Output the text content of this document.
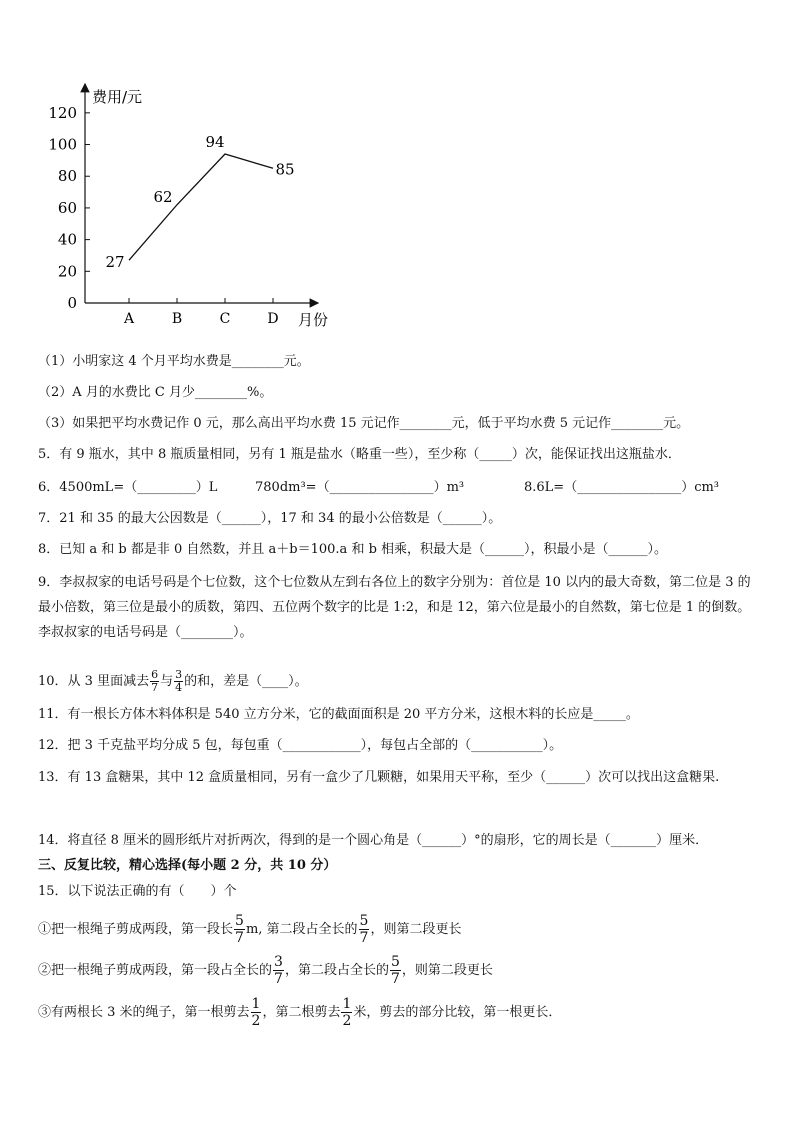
费用/元
月份
0
20
40
60
80
100
120
A	B	C	D
27
62
94
85
（1）小明家这 4 个月平均水费是________元。
（2）A 月的水费比 C 月少________%。
（3）如果把平均水费记作 0 元，那么高出平均水费 15 元记作________元，低于平均水费 5 元记作________元。
5．有 9 瓶水，其中 8 瓶质量相同，另有 1 瓶是盐水（略重一些），至少称（_____）次，能保证找出这瓶盐水．
6．4500mL=（_________）L	780dm³=（________________）m³	8.6L=（________________）cm³
7．21 和 35 的最大公因数是（______），17 和 34 的最小公倍数是（______）。
8．已知 a 和 b 都是非 0 自然数，并且 a＋b＝100.a 和 b 相乘，积最大是（______），积最小是（______）。
9．李叔叔家的电话号码是个七位数，这个七位数从左到右各位上的数字分别为：首位是 10 以内的最大奇数，第二位是 3 的最小倍数，第三位是最小的质数，第四、五位两个数字的比是 1:2，和是 12，第六位是最小的自然数，第七位是 1 的倒数。李叔叔家的电话号码是（________）。
10．从 3 里面减去 $\frac{6}{7}$ 与 $\frac{3}{4}$ 的和，差是（____）。
11．有一根长方体木料体积是 540 立方分米，它的截面面积是 20 平方分米，这根木料的长应是_____。
12．把 3 千克盐平均分成 5 包，每包重（____________），每包占全部的（___________）。
13．有 13 盒糖果，其中 12 盒质量相同，另有一盒少了几颗糖，如果用天平称，至少（______）次可以找出这盒糖果.
14．将直径 8 厘米的圆形纸片对折两次，得到的是一个圆心角是（______）°的扇形，它的周长是（_______）厘米．
三、反复比较，精心选择(每小题 2 分，共 10 分）
15．以下说法正确的有（　　）个
①把一根绳子剪成两段，第一段长 $\frac{5}{7} m$, 第二段占全长的 $\frac{5}{7}$ ，则第二段更长
②把一根绳子剪成两段，第一段占全长的 $\frac{3}{7}$ ，第二段占全长的 $\frac{5}{7}$ ，则第二段更长
③有两根长 3 米的绳子，第一根剪去 $\frac{1}{2}$ ，第二根剪去 $\frac{1}{2}$ 米，剪去的部分比较，第一根更长．
